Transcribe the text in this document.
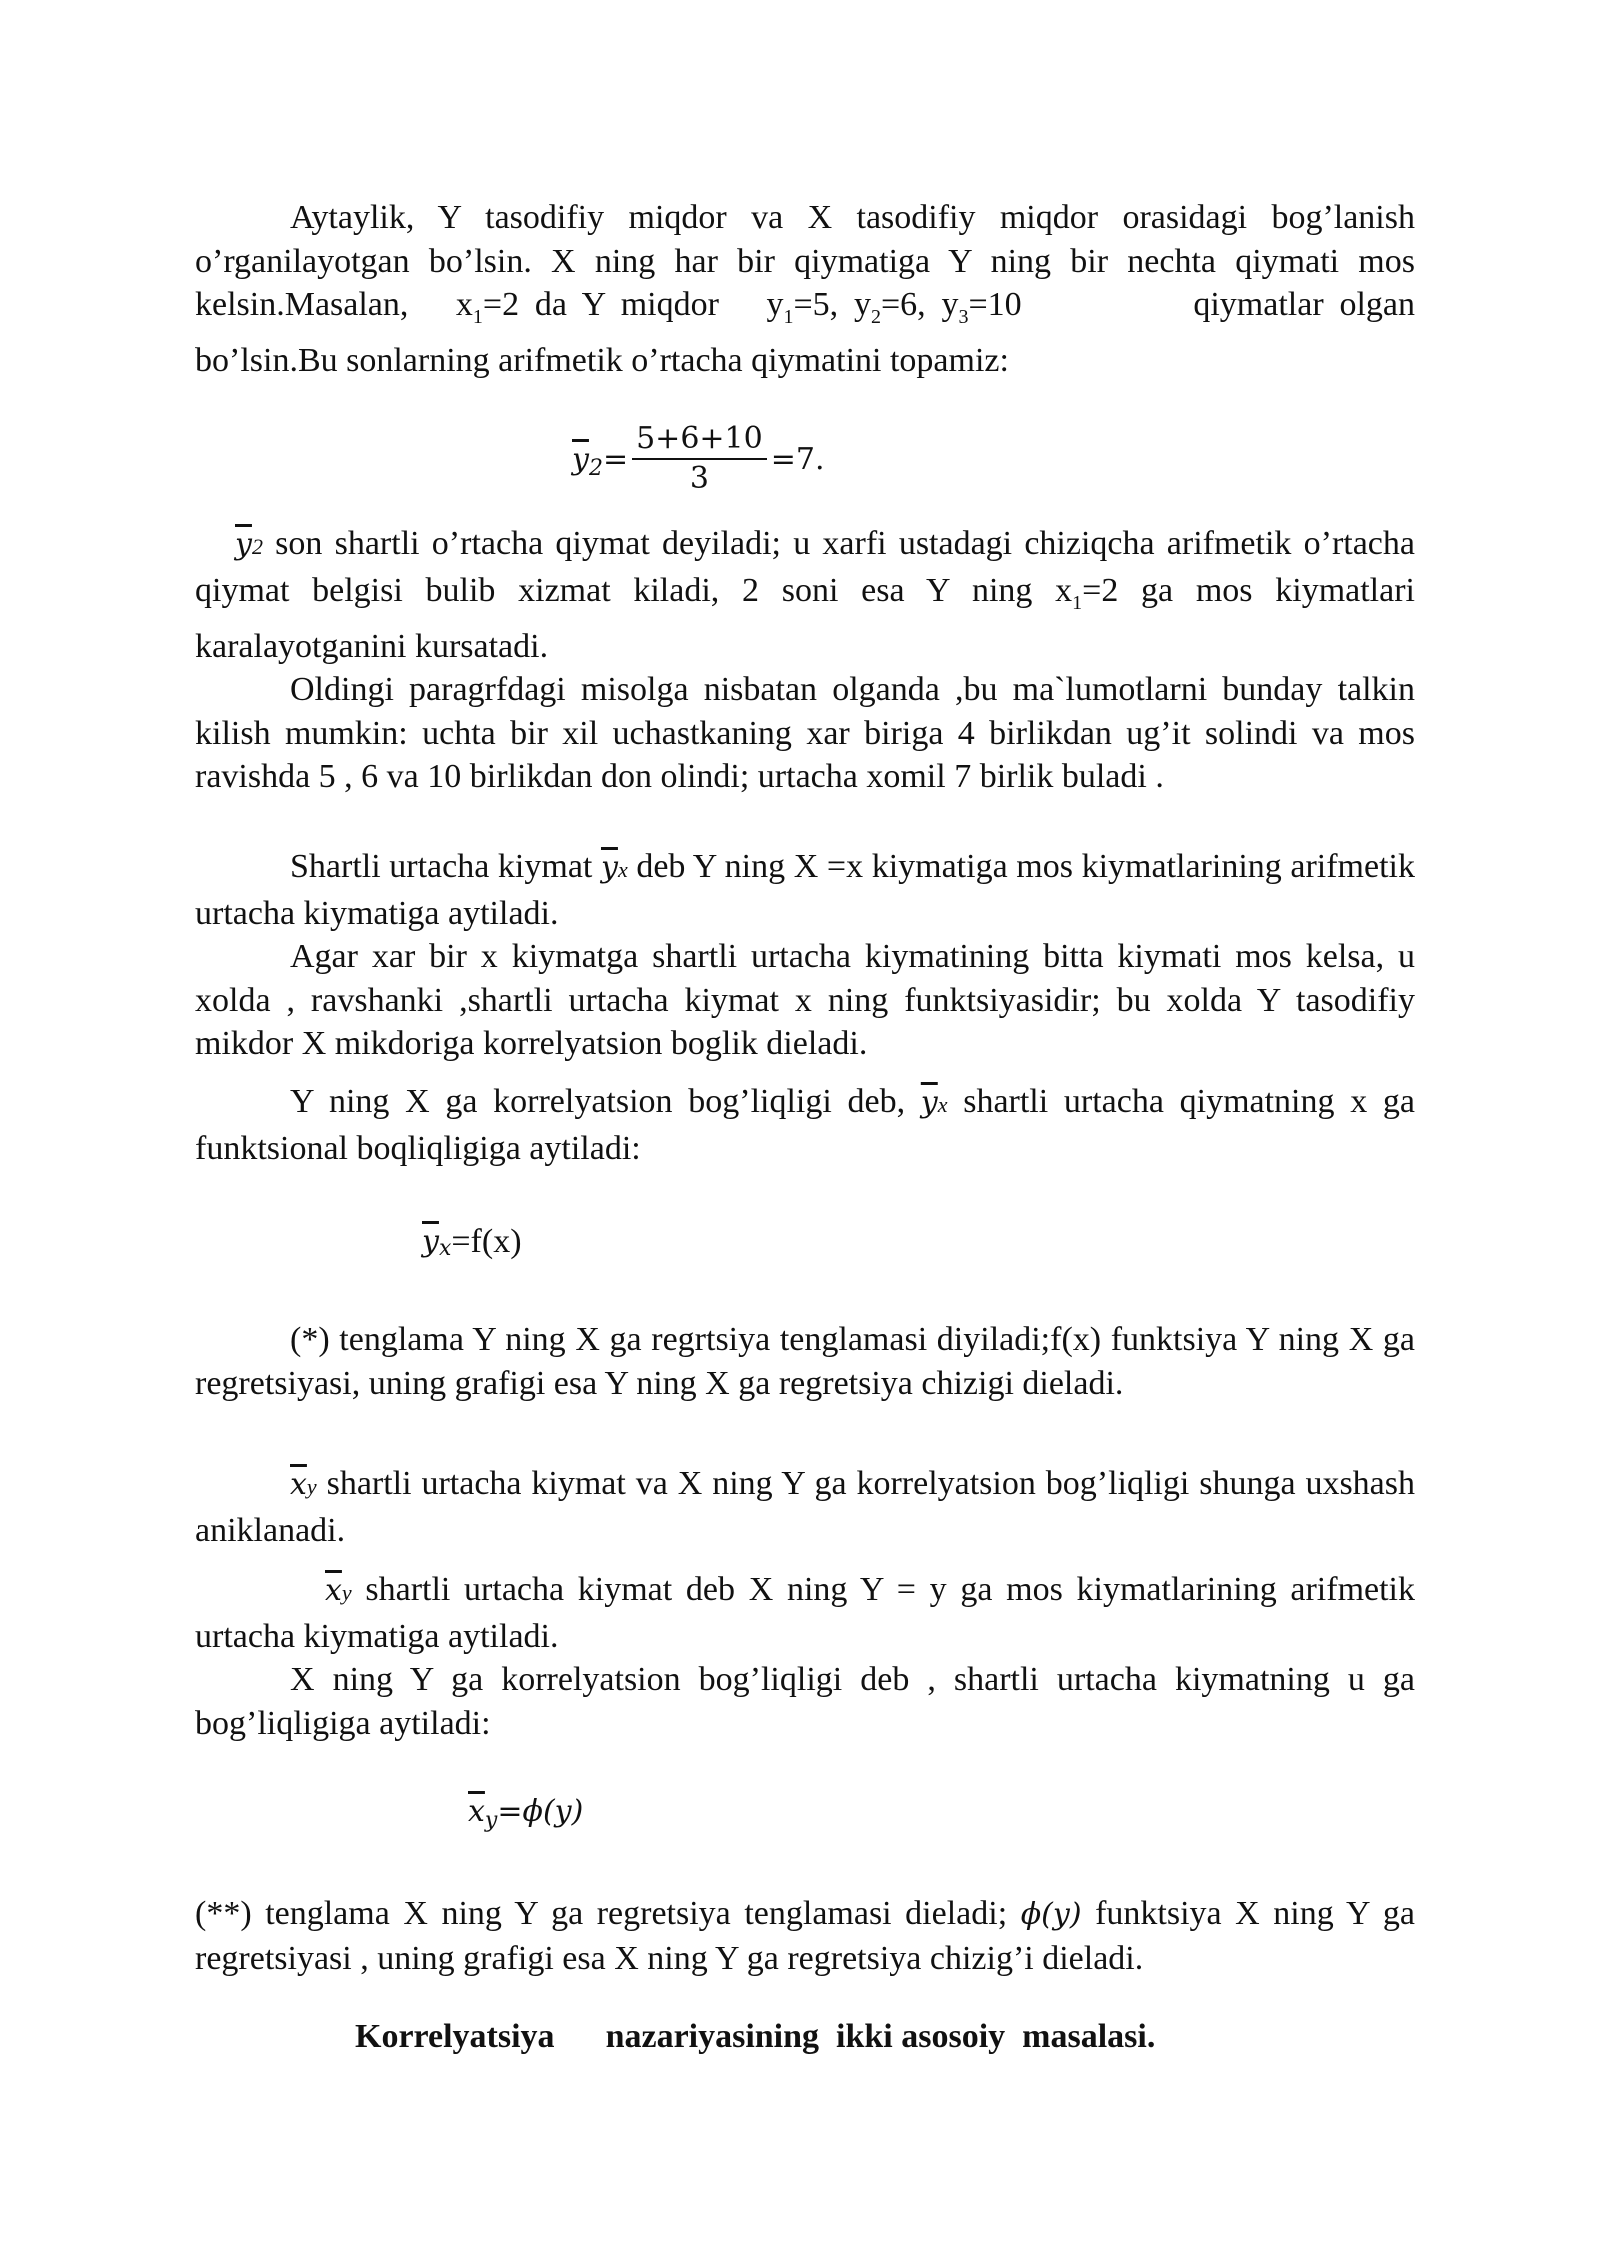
Aytaylik, Y tasodifiy miqdor va X tasodifiy miqdor orasidagi bog’lanish o’rganilayotgan bo’lsin. X ning har bir qiymatiga Y ning bir nechta qiymati mos kelsin.Masalan, $x_1=2$ da Y miqdor $y_1=5$, $y_2=6$, $y_3=10$	qiymatlar olgan bo’lsin.Bu sonlarning arifmetik o’rtacha qiymatini topamiz:

$\overline{y}$ $2 = \frac{5+6+10}{3} =7$.

$\overline{y}2$ son shartli o’rtacha qiymat deyiladi; u xarfi ustadagi chiziqcha arifmetik o’rtacha qiymat belgisi bulib xizmat kiladi, 2 soni esa Y ning $x_1=2$ ga mos kiymatlari karalayotganini kursatadi.

Oldingi paragrfdagi misolga nisbatan olganda ,bu ma`lumotlarni bunday talkin kilish mumkin: uchta bir xil uchastkaning xar biriga 4 birlikdan ug’it solindi va mos ravishda 5 , 6 va 10 birlikdan don olindi; urtacha xomil 7 birlik buladi .

Shartli urtacha kiymat $\overline{y}x$ deb Y ning X =x kiymatiga mos kiymatlarining arifmetik urtacha kiymatiga aytiladi.

Agar xar bir x kiymatga shartli urtacha kiymatining bitta kiymati mos kelsa, u xolda , ravshanki ,shartli urtacha kiymat x ning funktsiyasidir; bu xolda Y tasodifiy mikdor X mikdoriga korrelyatsion boglik dieladi.

Y ning X ga korrelyatsion bog’liqligi deb, $\overline{y}x$ shartli urtacha qiymatning x ga funktsional boqliqligiga aytiladi:

$\overline{y}$ x =f(x)

(*) tenglama Y ning X ga regrtsiya tenglamasi diyiladi;f(x) funktsiya Y ning X ga regretsiyasi, uning grafigi esa Y ning X ga regretsiya chizigi dieladi.

$\overline{x}y$ shartli urtacha kiymat va X ning Y ga korrelyatsion bog’liqligi shunga uxshash aniklanadi.

$\overline{x}y$ shartli urtacha kiymat deb X ning Y = y ga mos kiymatlarining arifmetik urtacha kiymatiga aytiladi.

X ning Y ga korrelyatsion bog’liqligi deb , shartli urtacha kiymatning u ga bog’liqligiga aytiladi:

$\overline{x}$ y =ϕ(y)

(**) tenglama X ning Y ga regretsiya tenglamasi dieladi; ϕ(y) funktsiya X ning Y ga regretsiyasi , uning grafigi esa X ning Y ga regretsiya chizig’i dieladi.

Korrelyatsiya nazariyasining  ikki asosoiy  masalasi.
